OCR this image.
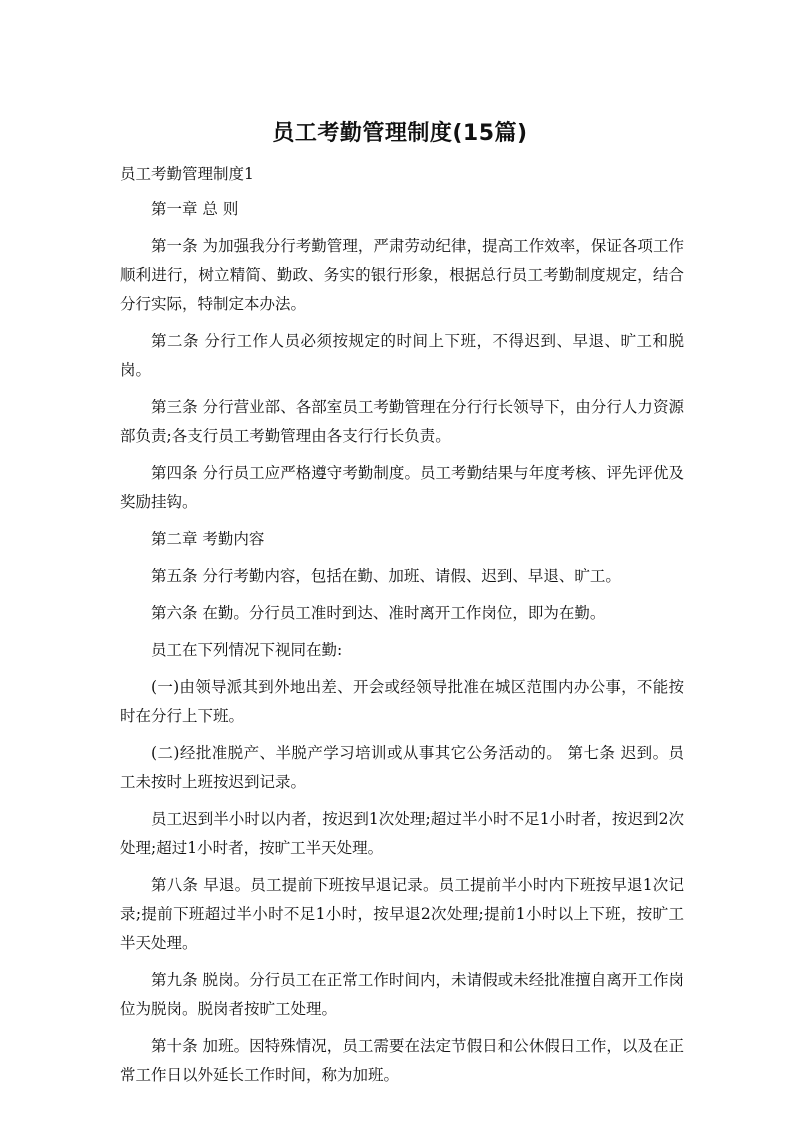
员工考勤管理制度(15篇)

员工考勤管理制度1

第一章 总 则

第一条 为加强我分行考勤管理，严肃劳动纪律，提高工作效率，保证各项工作顺利进行，树立精简、勤政、务实的银行形象，根据总行员工考勤制度规定，结合分行实际，特制定本办法。

第二条 分行工作人员必须按规定的时间上下班，不得迟到、早退、旷工和脱岗。

第三条 分行营业部、各部室员工考勤管理在分行行长领导下，由分行人力资源部负责;各支行员工考勤管理由各支行行长负责。

第四条 分行员工应严格遵守考勤制度。员工考勤结果与年度考核、评先评优及奖励挂钩。

第二章 考勤内容

第五条 分行考勤内容，包括在勤、加班、请假、迟到、早退、旷工。

第六条 在勤。分行员工准时到达、准时离开工作岗位，即为在勤。

员工在下列情况下视同在勤:

(一)由领导派其到外地出差、开会或经领导批准在城区范围内办公事，不能按时在分行上下班。

(二)经批准脱产、半脱产学习培训或从事其它公务活动的。 第七条 迟到。员工未按时上班按迟到记录。

员工迟到半小时以内者，按迟到1次处理;超过半小时不足1小时者，按迟到2次处理;超过1小时者，按旷工半天处理。

第八条 早退。员工提前下班按早退记录。员工提前半小时内下班按早退1次记录;提前下班超过半小时不足1小时，按早退2次处理;提前1小时以上下班，按旷工半天处理。

第九条 脱岗。分行员工在正常工作时间内，未请假或未经批准擅自离开工作岗位为脱岗。脱岗者按旷工处理。

第十条 加班。因特殊情况，员工需要在法定节假日和公休假日工作，以及在正常工作日以外延长工作时间，称为加班。
